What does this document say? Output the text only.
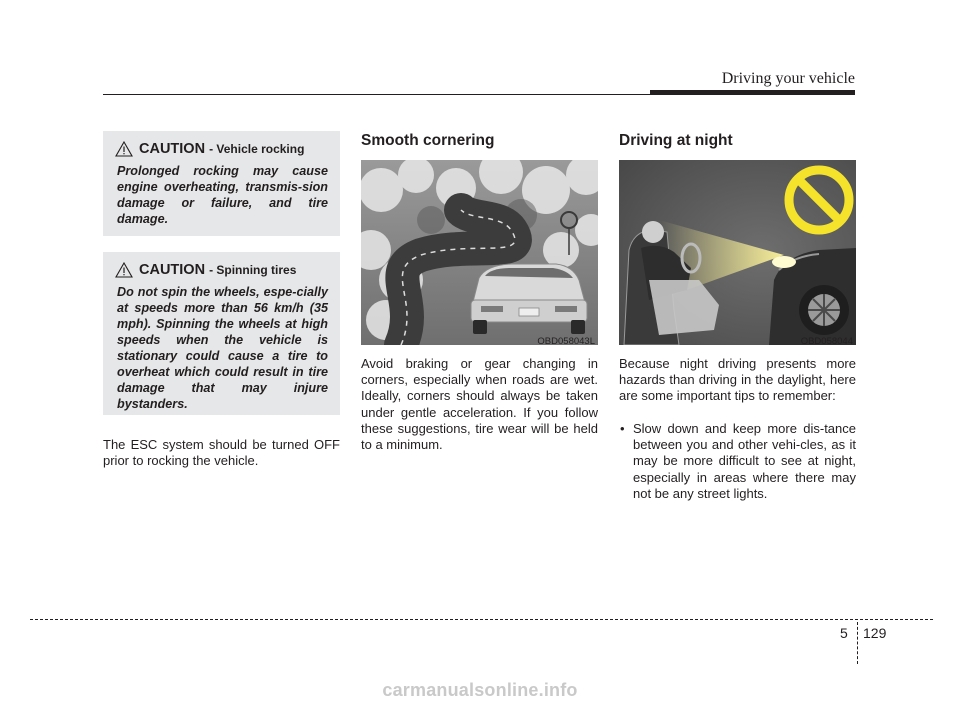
Driving your vehicle
CAUTION - Vehicle rocking
Prolonged rocking may cause engine overheating, transmis-sion damage or failure, and tire damage.
CAUTION - Spinning tires
Do not spin the wheels, espe-cially at speeds more than 56 km/h (35 mph). Spinning the wheels at high speeds when the vehicle is stationary could cause a tire to overheat which could result in tire damage that may injure bystanders.
The ESC system should be turned OFF prior to rocking the vehicle.
Smooth cornering
OBD058043L
Avoid braking or gear changing in corners, especially when roads are wet. Ideally, corners should always be taken under gentle acceleration. If you follow these suggestions, tire wear will be held to a minimum.
Driving at night
OBD058044
Because night driving presents more hazards than driving in the daylight, here are some important tips to remember:
• Slow down and keep more dis-tance between you and other vehi-cles, as it may be more difficult to see at night, especially in areas where there may not be any street lights.
5 129
carmanualsonline.info
